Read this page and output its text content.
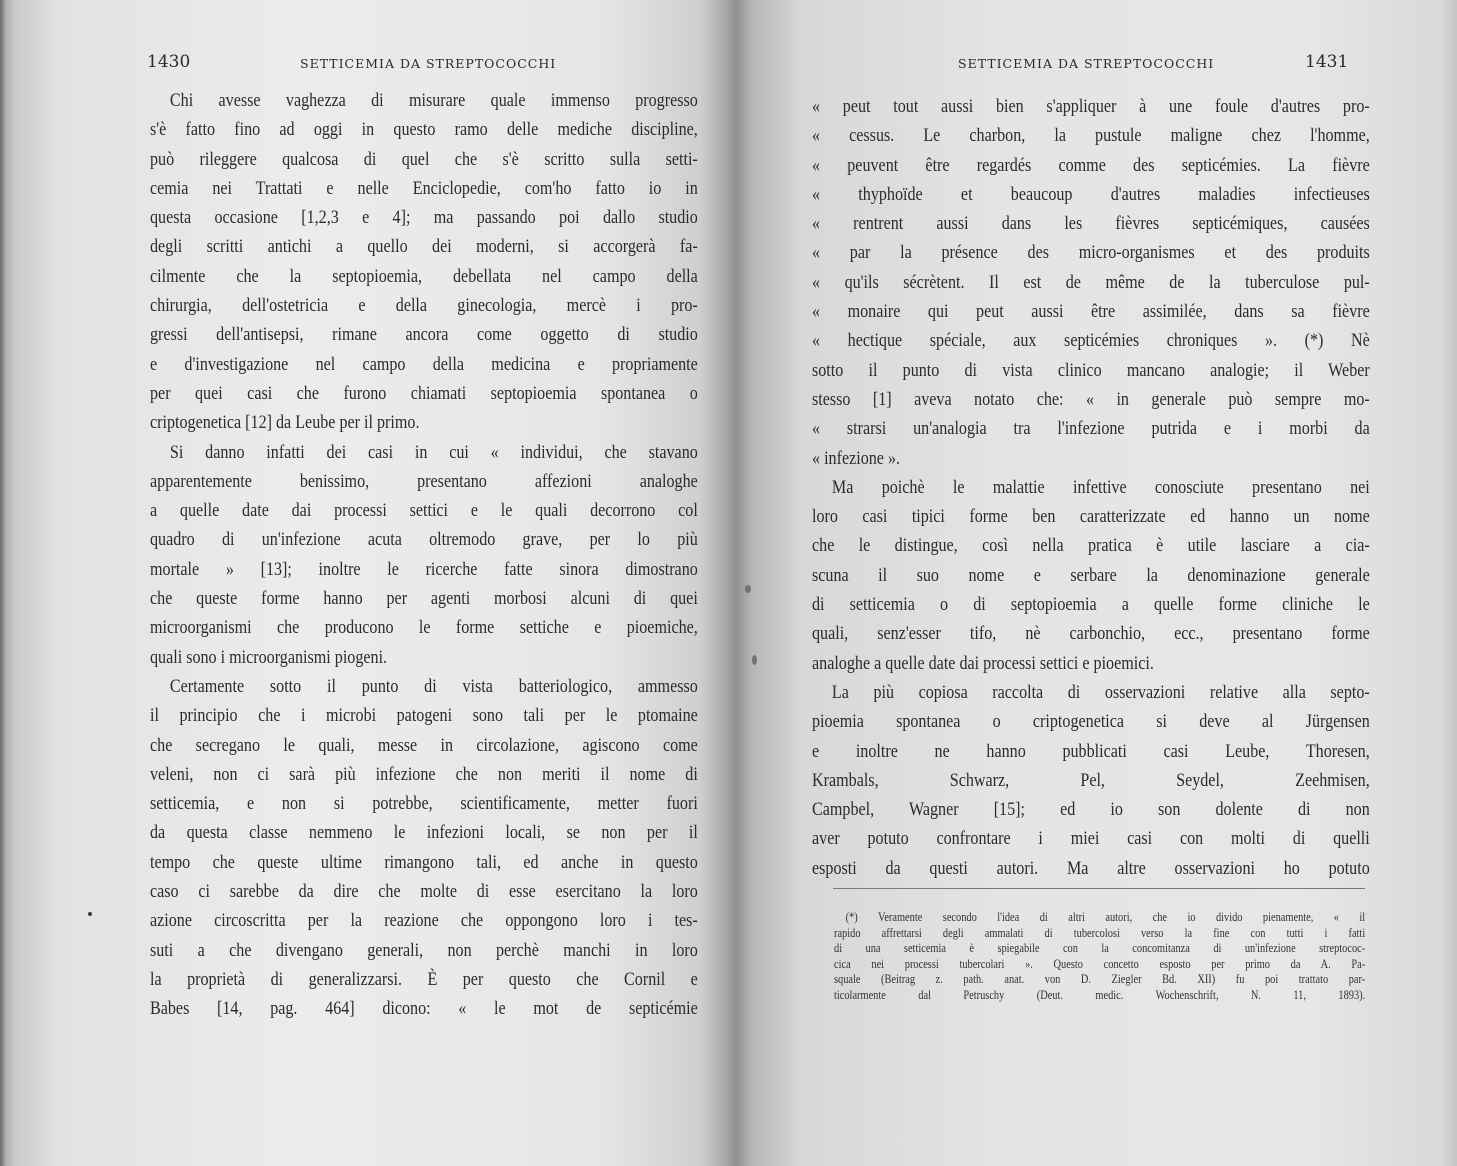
1430	SETTICEMIA DA STREPTOCOCCHI
Chi avesse vaghezza di misurare quale immenso progresso
s'è fatto fino ad oggi in questo ramo delle mediche discipline,
può rileggere qualcosa di quel che s'è scritto sulla setti-
cemia nei Trattati e nelle Enciclopedie, com'ho fatto io in
questa occasione [1,2,3 e 4]; ma passando poi dallo studio
degli scritti antichi a quello dei moderni, si accorgerà fa-
cilmente che la septopioemia, debellata nel campo della
chirurgia, dell'ostetricia e della ginecologia, mercè i pro-
gressi dell'antisepsi, rimane ancora come oggetto di studio
e d'investigazione nel campo della medicina e propriamente
per quei casi che furono chiamati septopioemia spontanea o
criptogenetica [12] da Leube per il primo.
Si danno infatti dei casi in cui « individui, che stavano
apparentemente benissimo, presentano affezioni analoghe
a quelle date dai processi settici e le quali decorrono col
quadro di un'infezione acuta oltremodo grave, per lo più
mortale » [13]; inoltre le ricerche fatte sinora dimostrano
che queste forme hanno per agenti morbosi alcuni di quei
microorganismi che producono le forme settiche e pioemiche,
quali sono i microorganismi piogeni.
Certamente sotto il punto di vista batteriologico, ammesso
il principio che i microbi patogeni sono tali per le ptomaine
che secregano le quali, messe in circolazione, agiscono come
veleni, non ci sarà più infezione che non meriti il nome di
setticemia, e non si potrebbe, scientificamente, metter fuori
da questa classe nemmeno le infezioni locali, se non per il
tempo che queste ultime rimangono tali, ed anche in questo
caso ci sarebbe da dire che molte di esse esercitano la loro
azione circoscritta per la reazione che oppongono loro i tes-
suti a che divengano generali, non perchè manchi in loro
la proprietà di generalizzarsi. È per questo che Cornil e
Babes [14, pag. 464] dicono: « le mot de septicémie
SETTICEMIA DA STREPTOCOCCHI	1431
« peut tout aussi bien s'appliquer à une foule d'autres pro-
« cessus. Le charbon, la pustule maligne chez l'homme,
« peuvent être regardés comme des septicémies. La fièvre
« thyphoïde et beaucoup d'autres maladies infectieuses
« rentrent aussi dans les fièvres septicémiques, causées
« par la présence des micro-organismes et des produits
« qu'ils sécrètent. Il est de même de la tuberculose pul-
« monaire qui peut aussi être assimilée, dans sa fièvre
« hectique spéciale, aux septicémies chroniques ». (*) Nè
sotto il punto di vista clinico mancano analogie; il Weber
stesso [1] aveva notato che: « in generale può sempre mo-
« strarsi un'analogia tra l'infezione putrida e i morbi da
« infezione ».
Ma poichè le malattie infettive conosciute presentano nei
loro casi tipici forme ben caratterizzate ed hanno un nome
che le distingue, così nella pratica è utile lasciare a cia-
scuna il suo nome e serbare la denominazione generale
di setticemia o di septopioemia a quelle forme cliniche le
quali, senz'esser tifo, nè carbonchio, ecc., presentano forme
analoghe a quelle date dai processi settici e pioemici.
La più copiosa raccolta di osservazioni relative alla septo-
pioemia spontanea o criptogenetica si deve al Jürgensen
e inoltre ne hanno pubblicati casi Leube, Thoresen,
Krambals, Schwarz, Pel, Seydel, Zeehmisen,
Campbel, Wagner [15]; ed io son dolente di non
aver potuto confrontare i miei casi con molti di quelli
esposti da questi autori. Ma altre osservazioni ho potuto
(*) Veramente secondo l'idea di altri autori, che io divido pienamente, « il
rapido affrettarsi degli ammalati di tubercolosi verso la fine con tutti i fatti
di una setticemia è spiegabile con la concomitanza di un'infezione streptococ-
cica nei processi tubercolari ». Questo concetto esposto per primo da A. Pa-
squale (Beitrag z. path. anat. von D. Ziegler Bd. XII) fu poi trattato par-
ticolarmente dal Petruschy (Deut. medic. Wochenschrift, N. 11, 1893).
